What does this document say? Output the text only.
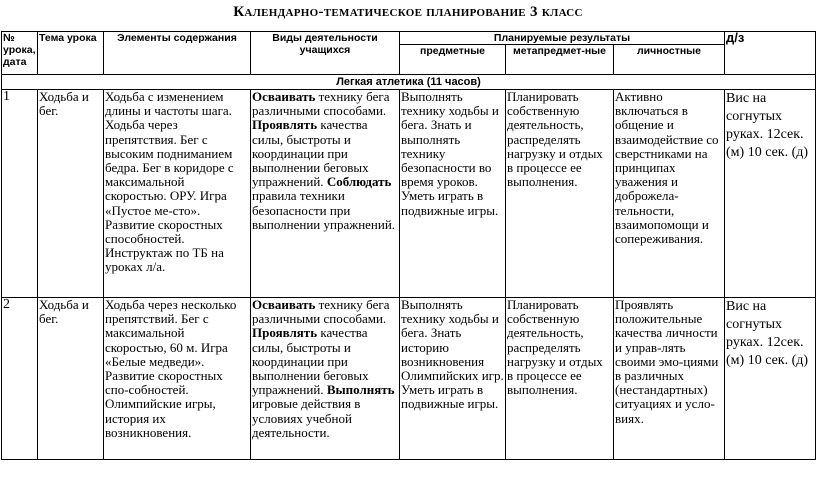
Календарно-тематическое планирование 3 класс
№ урока, дата	Тема урока	Элементы содержания	Виды деятельности учащихся	Планируемые результаты			д/з
				предметные	метапредмет-ные	личностные	
Легкая атлетика (11 часов)							
1	Ходьба и бег.	Ходьба с изменением длины и частоты шага. Ходьба через препятствия. Бег с высоким подниманием бедра. Бег в коридоре с максимальной скоростью. ОРУ. Игра «Пустое ме-сто». Развитие скоростных способностей. Инструктаж по ТБ на уроках л/а.	Осваивать технику бега различными способами. Проявлять качества силы, быстроты и координации при выполнении беговых упражнений. Соблюдать правила техники безопасности при выполнении упражнений.	Выполнять технику ходьбы и бега. Знать и выполнять технику безопасности во время уроков. Уметь играть в подвижные игры.	Планировать собственную деятельность, распределять нагрузку и отдых в процессе ее выполнения.	Активно включаться в общение и взаимодействие со сверстниками на принципах уважения и доброжела-тельности, взаимопомощи и сопереживания.	Вис на согнутых руках. 12сек. (м) 10 сек. (д)
2	Ходьба и бег.	Ходьба через несколько препятствий. Бег с максимальной скоростью, 60 м. Игра «Белые медведи». Развитие скоростных спо-собностей. Олимпийские игры, история их возникновения.	Осваивать технику бега различными способами. Проявлять качества силы, быстроты и координации при выполнении беговых упражнений. Выполнять игровые действия в условиях учебной деятельности.	Выполнять технику ходьбы и бега. Знать историю возникновения Олимпийских игр. Уметь играть в подвижные игры.	Планировать собственную деятельность, распределять нагрузку и отдых в процессе ее выполнения.	Проявлять положительные качества личности и управ-лять своими эмо-циями в различных (нестандартных) ситуациях и усло-виях.	Вис на согнутых руках. 12сек. (м) 10 сек. (д)
